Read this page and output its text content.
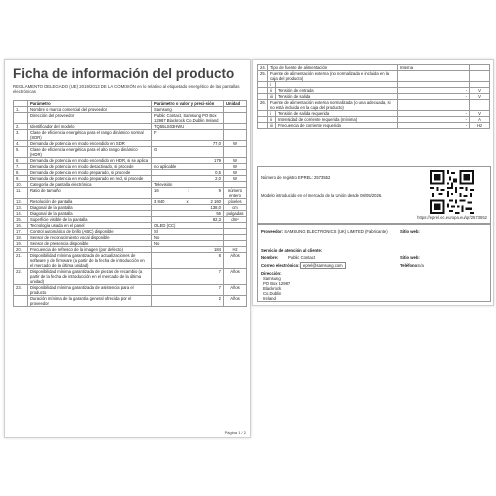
Ficha de información del producto
REGLAMENTO DELEGADO (UE) 2019/2013 DE LA COMISIÓN en lo relativo al etiquetado energético de las pantallas electrónicas
	Parámetro	Parámetro o valor y preci-sión	Unidad
1.	Nombre o marca comercial del proveedor	Samsung	
	Dirección del proveedor	Public Contact, Samsung PO Box 12987 Blackrock Co.Dublin Ireland	
2.	Identificador del modelo	TQ55LS03HWU	
3.	Clase de eficiencia energética para el rango dinámico normal (SDR)	F	
4.	Demanda de potencia en modo encendido en SDR	77,0	W
5.	Clase de eficiencia energética para el alto rango dinámico (HDR)	G	
6.	Demanda de potencia en modo encendido en HDR, si se aplica	179	W
7.	Demanda de potencia en modo desactivado, si procede	no aplicable	W
8.	Demanda de potencia en modo preparado, si procede	0,5	W
9.	Demanda de potencia en modo preparado en red, si procede	2,0	W
10.	Categoría de pantalla electrónica	Televisión	
11.	Ratio de tamaño	16 : 9	número entero
12.	Resolución de pantalla	3 840 x 2 160	píxeles
13.	Diagonal de la pantalla	138,0	cm
14.	Diagonal de la pantalla	55	pulgadas
15.	Superficie visible de la pantalla	82,3	dm²
16.	Tecnología usada en el panel	OLED (CC)	
17.	Control automático de brillo (ABC) disponible	SÍ	
18.	Sensor de reconocimiento vocal disponible	No	
19.	Sensor de presencia disponible	No	
20.	Frecuencia de refresco de la imagen (por defecto)	184	Hz
21.	Disponibilidad mínima garantizada de actualizaciones de software y de firmware (a partir de la fecha de introducción en el mercado de la última unidad)	8	Años
22.	Disponibilidad mínima garantizada de piezas de recambio (a partir de la fecha de introducción en el mercado de la última unidad)	7	Años
23.	Disponibilidad mínima garantizada de asistencia para el producto	7	Años
	Duración mínima de la garantía general ofrecida por el proveedor	2	Años
Página 1 / 2
24.	Tipo de fuente de alimentación		Interna	
25.	Fuente de alimentación externa (no normalizada e incluida en la caja del producto)			
	i			
	ii	Tensión de entrada	-	V
	iii	Tensión de salida	-	V
26.	Fuente de alimentación externa normalizada (o una adecuada, si no está incluida en la caja del producto)			
	i	Tensión de salida requerida	-	V
	ii	Intensidad de corriente requerida (mínima)	-	A
	iii	Frecuencia de corriente requerida	-	Hz
Número de registro EPREL: 2573552
Modelo introducido en el mercado de la Unión desde 08/05/2026.
https://eprel.ec.europa.eu/qr/2573552
Proveedor: SAMSUNG ELECTRONICS (UK) LIMITED (Fabricante)	Sitio web:
Servicio de atención al cliente:
Nombre: Public Contact	Sitio web:
Correo electrónico: eprel@samsung.com	Teléfono: n/a
Dirección:
Samsung
PO Box 12987
Blackrock
Co.Dublin
Ireland
